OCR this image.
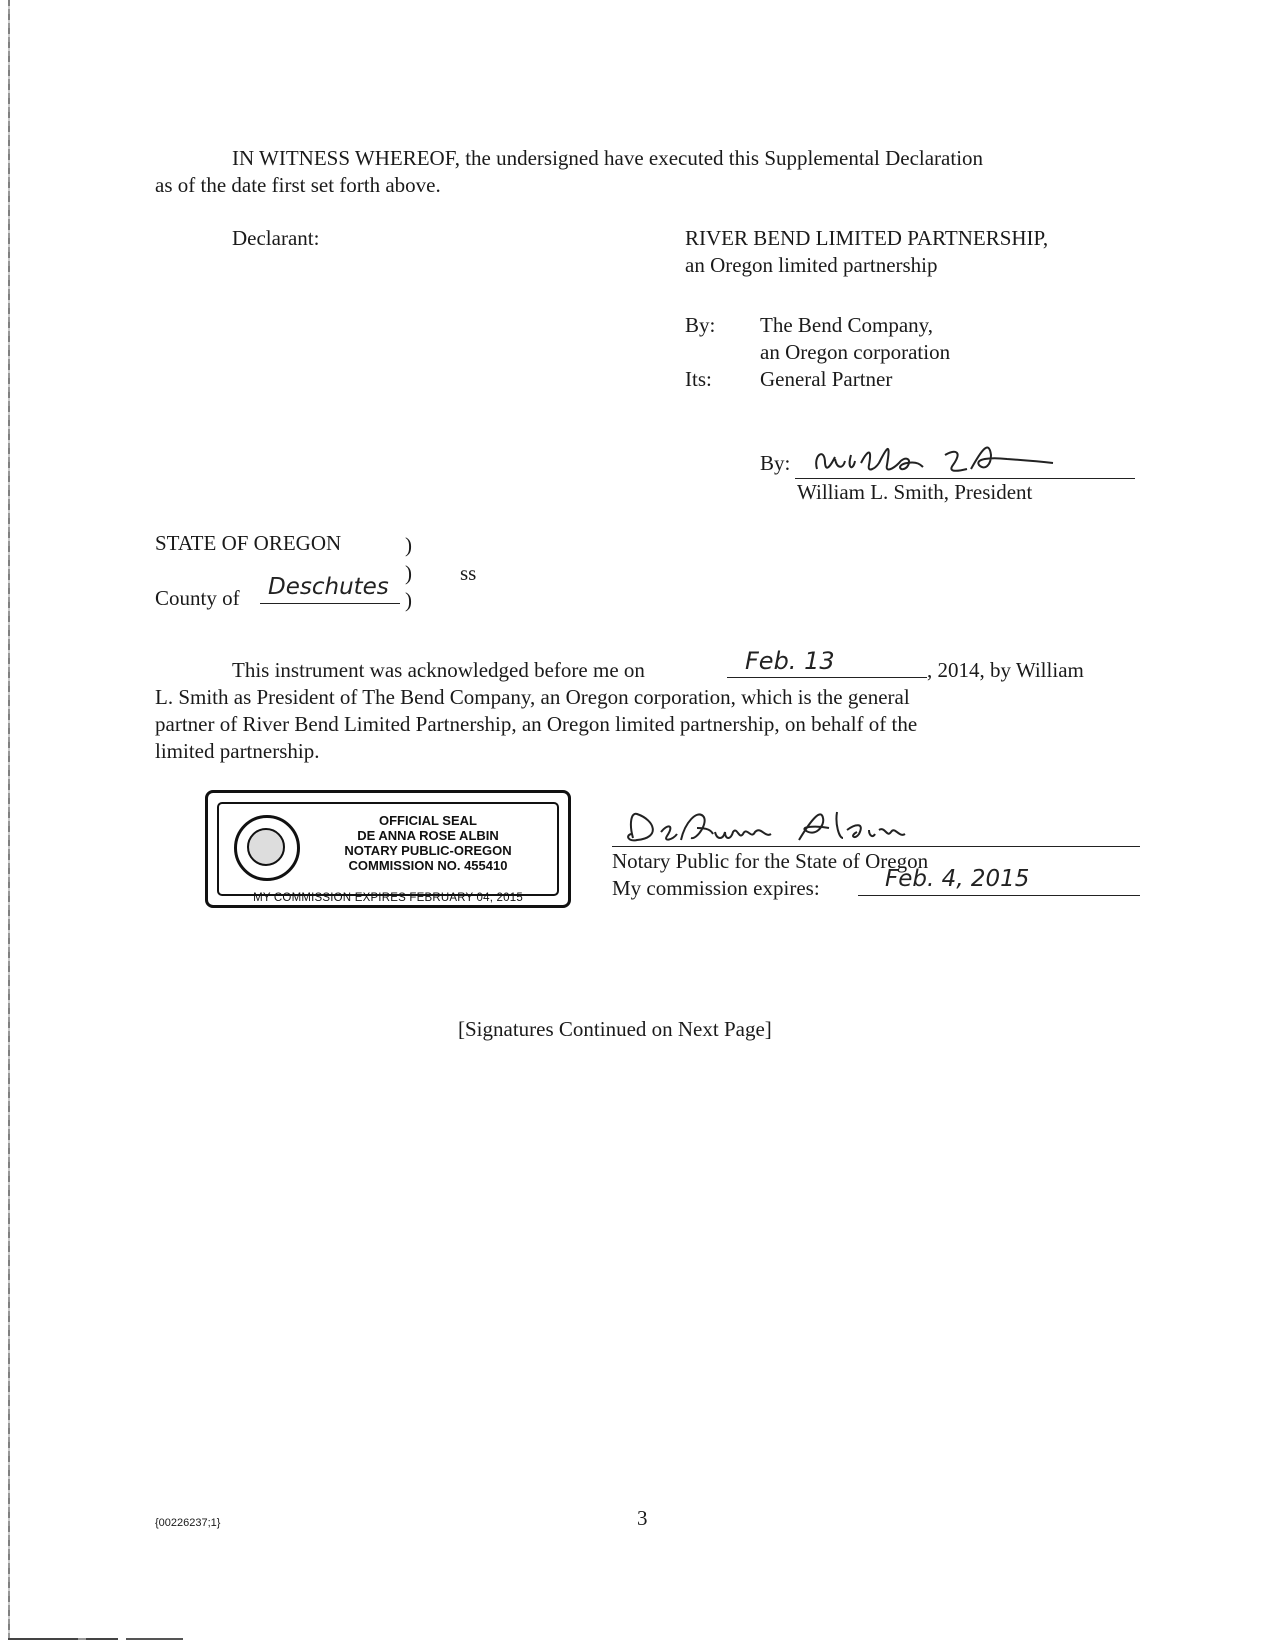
IN WITNESS WHEREOF, the undersigned have executed this Supplemental Declaration
as of the date first set forth above.
Declarant:	RIVER BEND LIMITED PARTNERSHIP,
an Oregon limited partnership
By: The Bend Company,
an Oregon corporation
Its: General Partner
By:
William L. Smith, President
STATE OF OREGON	)
) ss
County of Deschutes )
This instrument was acknowledged before me on	Feb. 13	, 2014, by William
L. Smith as President of The Bend Company, an Oregon corporation, which is the general
partner of River Bend Limited Partnership, an Oregon limited partnership, on behalf of the
limited partnership.
OFFICIAL SEAL
DE ANNA ROSE ALBIN
NOTARY PUBLIC-OREGON
COMMISSION NO. 455410
MY COMMISSION EXPIRES FEBRUARY 04, 2015
Notary Public for the State of Oregon
My commission expires:	Feb. 4, 2015
[Signatures Continued on Next Page]
{00226237;1}	3
